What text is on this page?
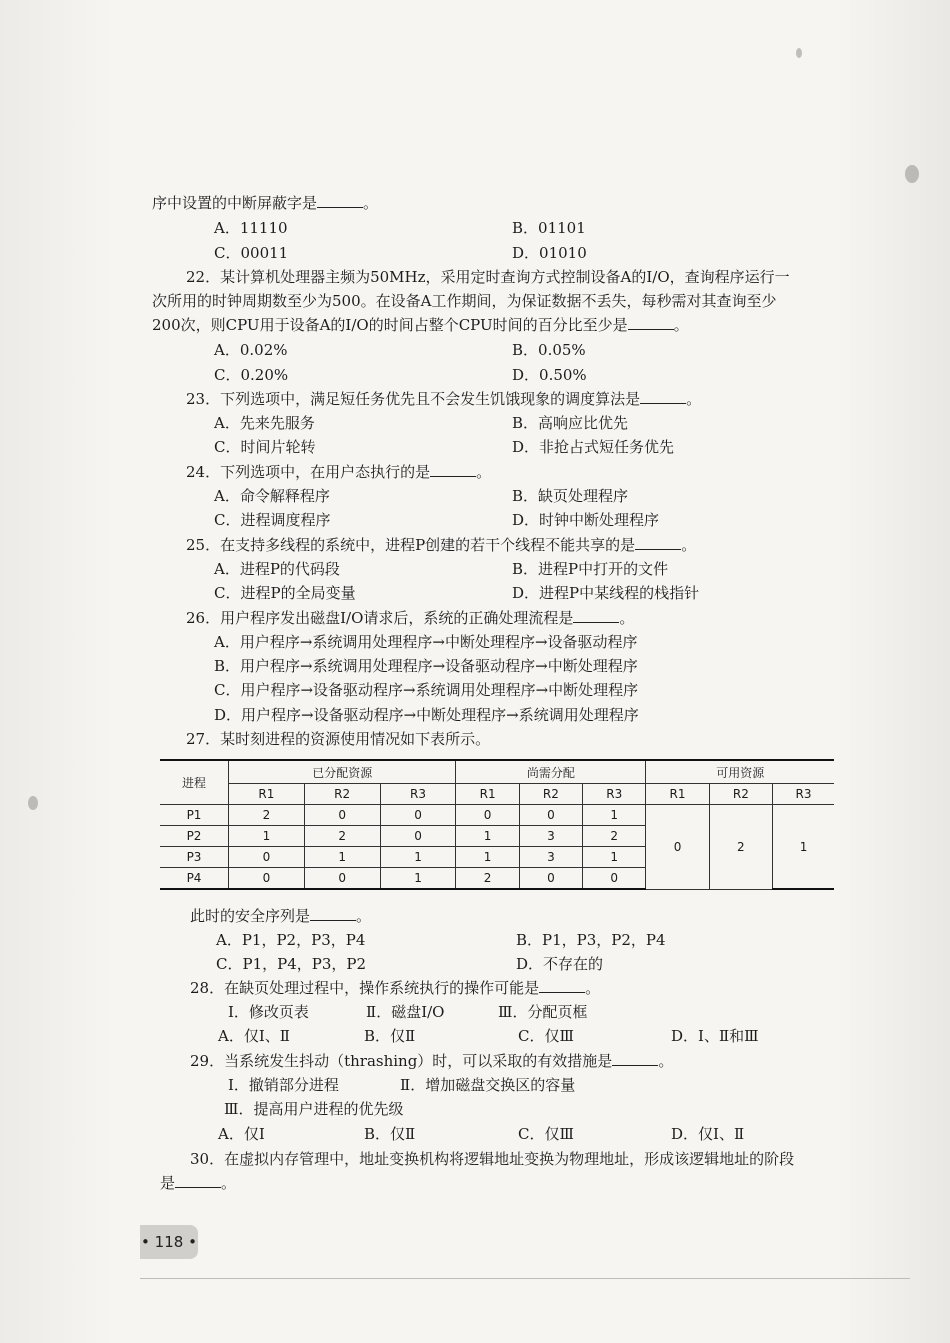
序中设置的中断屏蔽字是	。
A．11110	B．01101
C．00011	D．01010
22．某计算机处理器主频为50MHz，采用定时查询方式控制设备A的I/O，查询程序运行一
次所用的时钟周期数至少为500。在设备A工作期间，为保证数据不丢失，每秒需对其查询至少
200次，则CPU用于设备A的I/O的时间占整个CPU时间的百分比至少是	。
A．0.02%	B．0.05%
C．0.20%	D．0.50%
23．下列选项中，满足短任务优先且不会发生饥饿现象的调度算法是	。
A．先来先服务	B．高响应比优先
C．时间片轮转	D．非抢占式短任务优先
24．下列选项中，在用户态执行的是	。
A．命令解释程序	B．缺页处理程序
C．进程调度程序	D．时钟中断处理程序
25．在支持多线程的系统中，进程P创建的若干个线程不能共享的是	。
A．进程P的代码段	B．进程P中打开的文件
C．进程P的全局变量	D．进程P中某线程的栈指针
26．用户程序发出磁盘I/O请求后，系统的正确处理流程是	。
A．用户程序→系统调用处理程序→中断处理程序→设备驱动程序
B．用户程序→系统调用处理程序→设备驱动程序→中断处理程序
C．用户程序→设备驱动程序→系统调用处理程序→中断处理程序
D．用户程序→设备驱动程序→中断处理程序→系统调用处理程序
27．某时刻进程的资源使用情况如下表所示。
进程	已分配资源			尚需分配			可用资源		
	R1	R2	R3	R1	R2	R3	R1	R2	R3
P1	2	0	0	0	0	1	0	2	1
P2	1	2	0	1	3	2			
P3	0	1	1	1	3	1			
P4	0	0	1	2	0	0			
此时的安全序列是	。
A．P1，P2，P3，P4	B．P1，P3，P2，P4
C．P1，P4，P3，P2	D．不存在的
28．在缺页处理过程中，操作系统执行的操作可能是	。
Ⅰ．修改页表	Ⅱ．磁盘I/O	Ⅲ．分配页框
A．仅Ⅰ、Ⅱ	B．仅Ⅱ	C．仅Ⅲ	D．Ⅰ、Ⅱ和Ⅲ
29．当系统发生抖动（thrashing）时，可以采取的有效措施是	。
Ⅰ．撤销部分进程	Ⅱ．增加磁盘交换区的容量
Ⅲ．提高用户进程的优先级
A．仅Ⅰ	B．仅Ⅱ	C．仅Ⅲ	D．仅Ⅰ、Ⅱ
30．在虚拟内存管理中，地址变换机构将逻辑地址变换为物理地址，形成该逻辑地址的阶段
是	。
• 118 •
